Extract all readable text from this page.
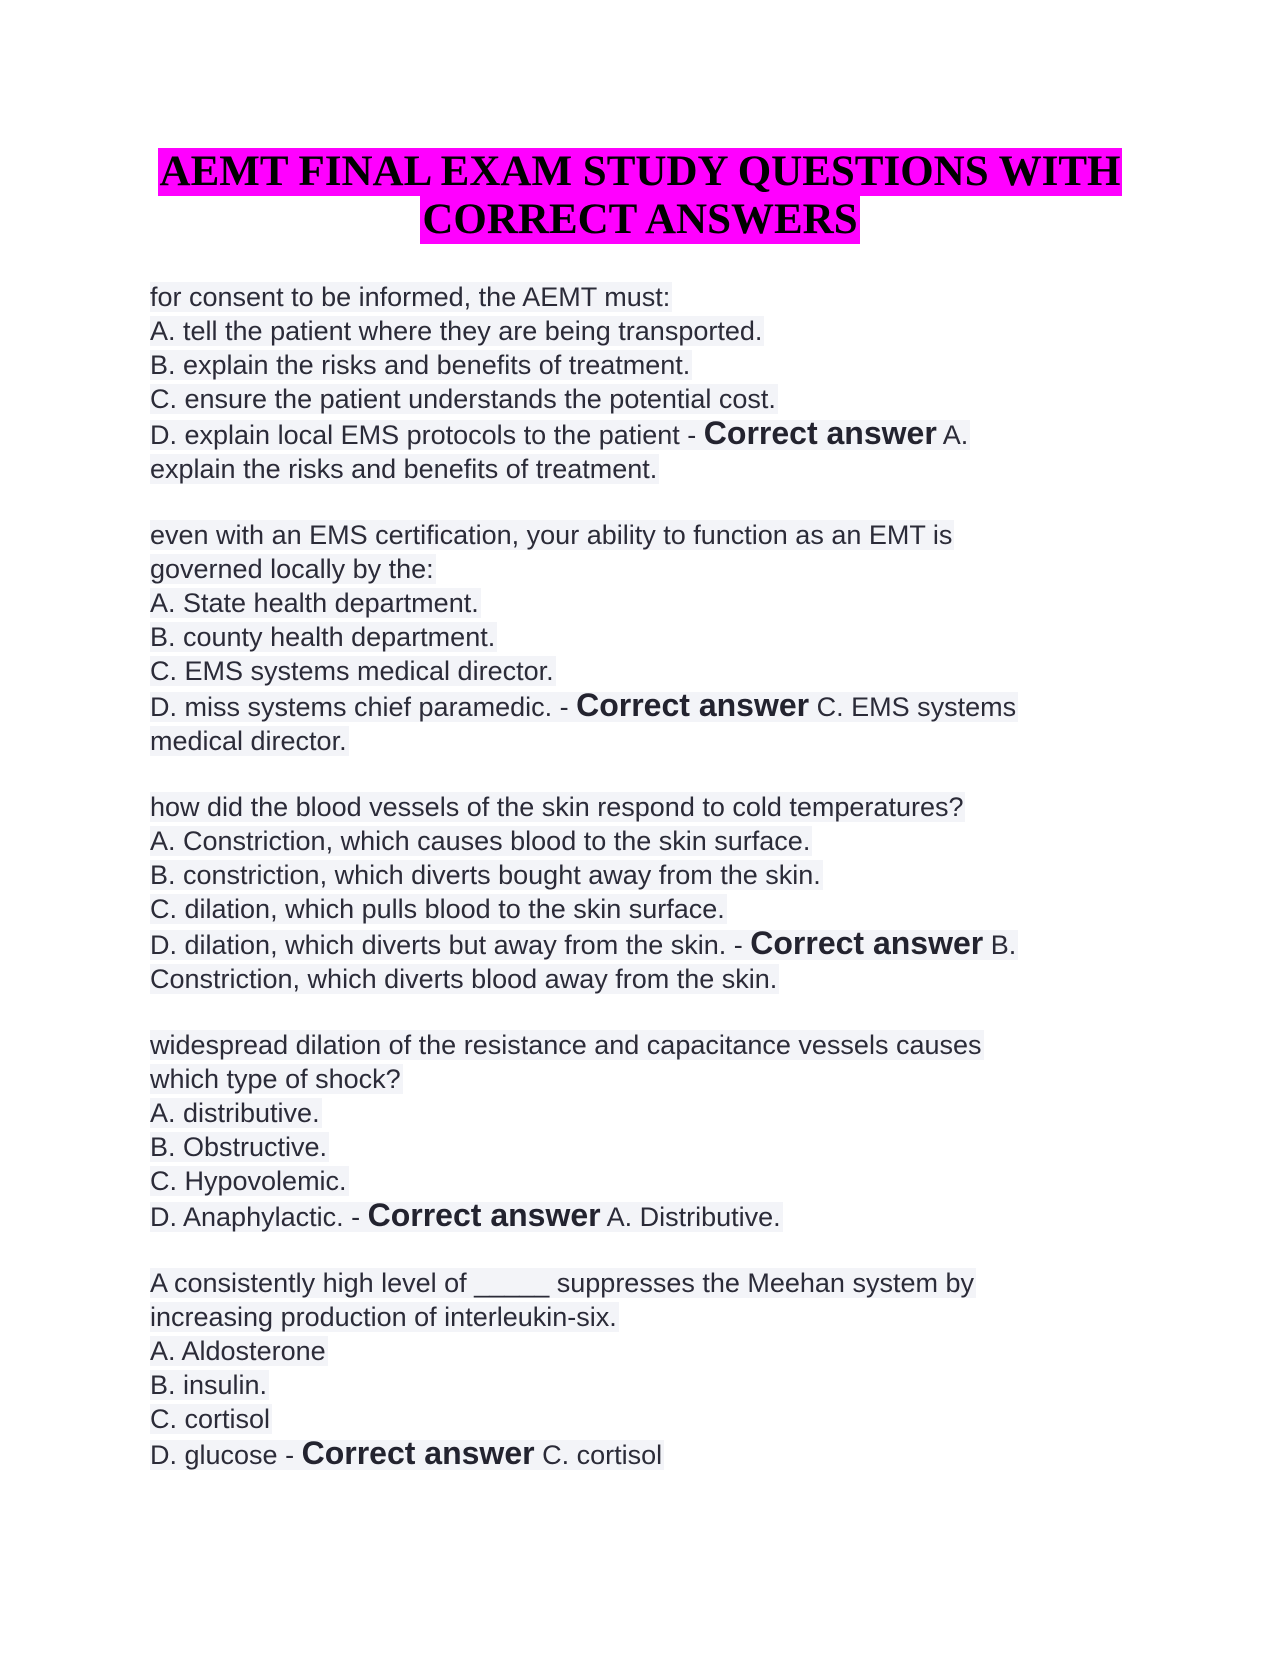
AEMT FINAL EXAM STUDY QUESTIONS WITH
CORRECT ANSWERS
for consent to be informed, the AEMT must:
A. tell the patient where they are being transported.
B. explain the risks and benefits of treatment.
C. ensure the patient understands the potential cost.
D. explain local EMS protocols to the patient - Correct answer A.
explain the risks and benefits of treatment.
even with an EMS certification, your ability to function as an EMT is
governed locally by the:
A. State health department.
B. county health department.
C. EMS systems medical director.
D. miss systems chief paramedic. - Correct answer C. EMS systems
medical director.
how did the blood vessels of the skin respond to cold temperatures?
A. Constriction, which causes blood to the skin surface.
B. constriction, which diverts bought away from the skin.
C. dilation, which pulls blood to the skin surface.
D. dilation, which diverts but away from the skin. - Correct answer B.
Constriction, which diverts blood away from the skin.
widespread dilation of the resistance and capacitance vessels causes
which type of shock?
A. distributive.
B. Obstructive.
C. Hypovolemic.
D. Anaphylactic. - Correct answer A. Distributive.
A consistently high level of _____ suppresses the Meehan system by
increasing production of interleukin-six.
A. Aldosterone
B. insulin.
C. cortisol
D. glucose - Correct answer C. cortisol
